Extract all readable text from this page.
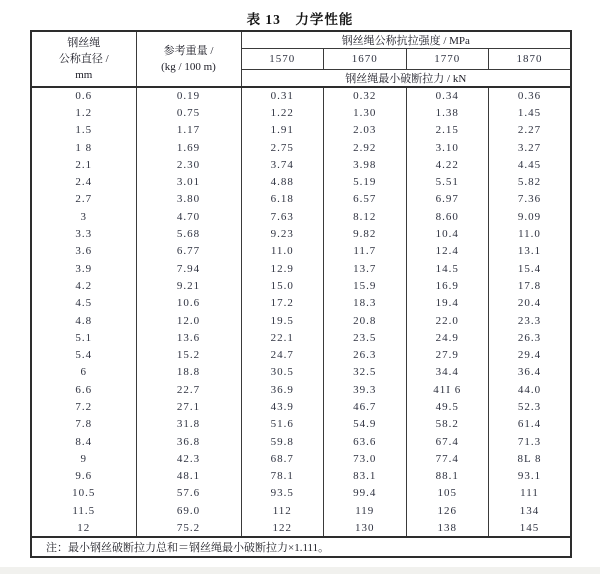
表 13　力学性能
钢丝绳
公称直径 /
mm

参考重量 /
(kg / 100 m)
	钢丝绳公称抗拉强度 / MPa
		1570	1670	1770	1870
		钢丝绳最小破断拉力 / kN			
0.6	0.19	0.31	0.32	0.34	0.36
1.2	0.75	1.22	1.30	1.38	1.45
1.5	1.17	1.91	2.03	2.15	2.27
1 8	1.69	2.75	2.92	3.10	3.27
2.1	2.30	3.74	3.98	4.22	4.45
2.4	3.01	4.88	5.19	5.51	5.82
2.7	3.80	6.18	6.57	6.97	7.36
3	4.70	7.63	8.12	8.60	9.09
3.3	5.68	9.23	9.82	10.4	11.0
3.6	6.77	11.0	11.7	12.4	13.1
3.9	7.94	12.9	13.7	14.5	15.4
4.2	9.21	15.0	15.9	16.9	17.8
4.5	10.6	17.2	18.3	19.4	20.4
4.8	12.0	19.5	20.8	22.0	23.3
5.1	13.6	22.1	23.5	24.9	26.3
5.4	15.2	24.7	26.3	27.9	29.4
6	18.8	30.5	32.5	34.4	36.4
6.6	22.7	36.9	39.3	41I 6	44.0
7.2	27.1	43.9	46.7	49.5	52.3
7.8	31.8	51.6	54.9	58.2	61.4
8.4	36.8	59.8	63.6	67.4	71.3
9	42.3	68.7	73.0	77.4	8L 8
9.6	48.1	78.1	83.1	88.1	93.1
10.5	57.6	93.5	99.4	105	111
11.5	69.0	112	119	126	134
12	75.2	122	130	138	145
注：最小钢丝破断拉力总和＝钢丝绳最小破断拉力×1.111。					
